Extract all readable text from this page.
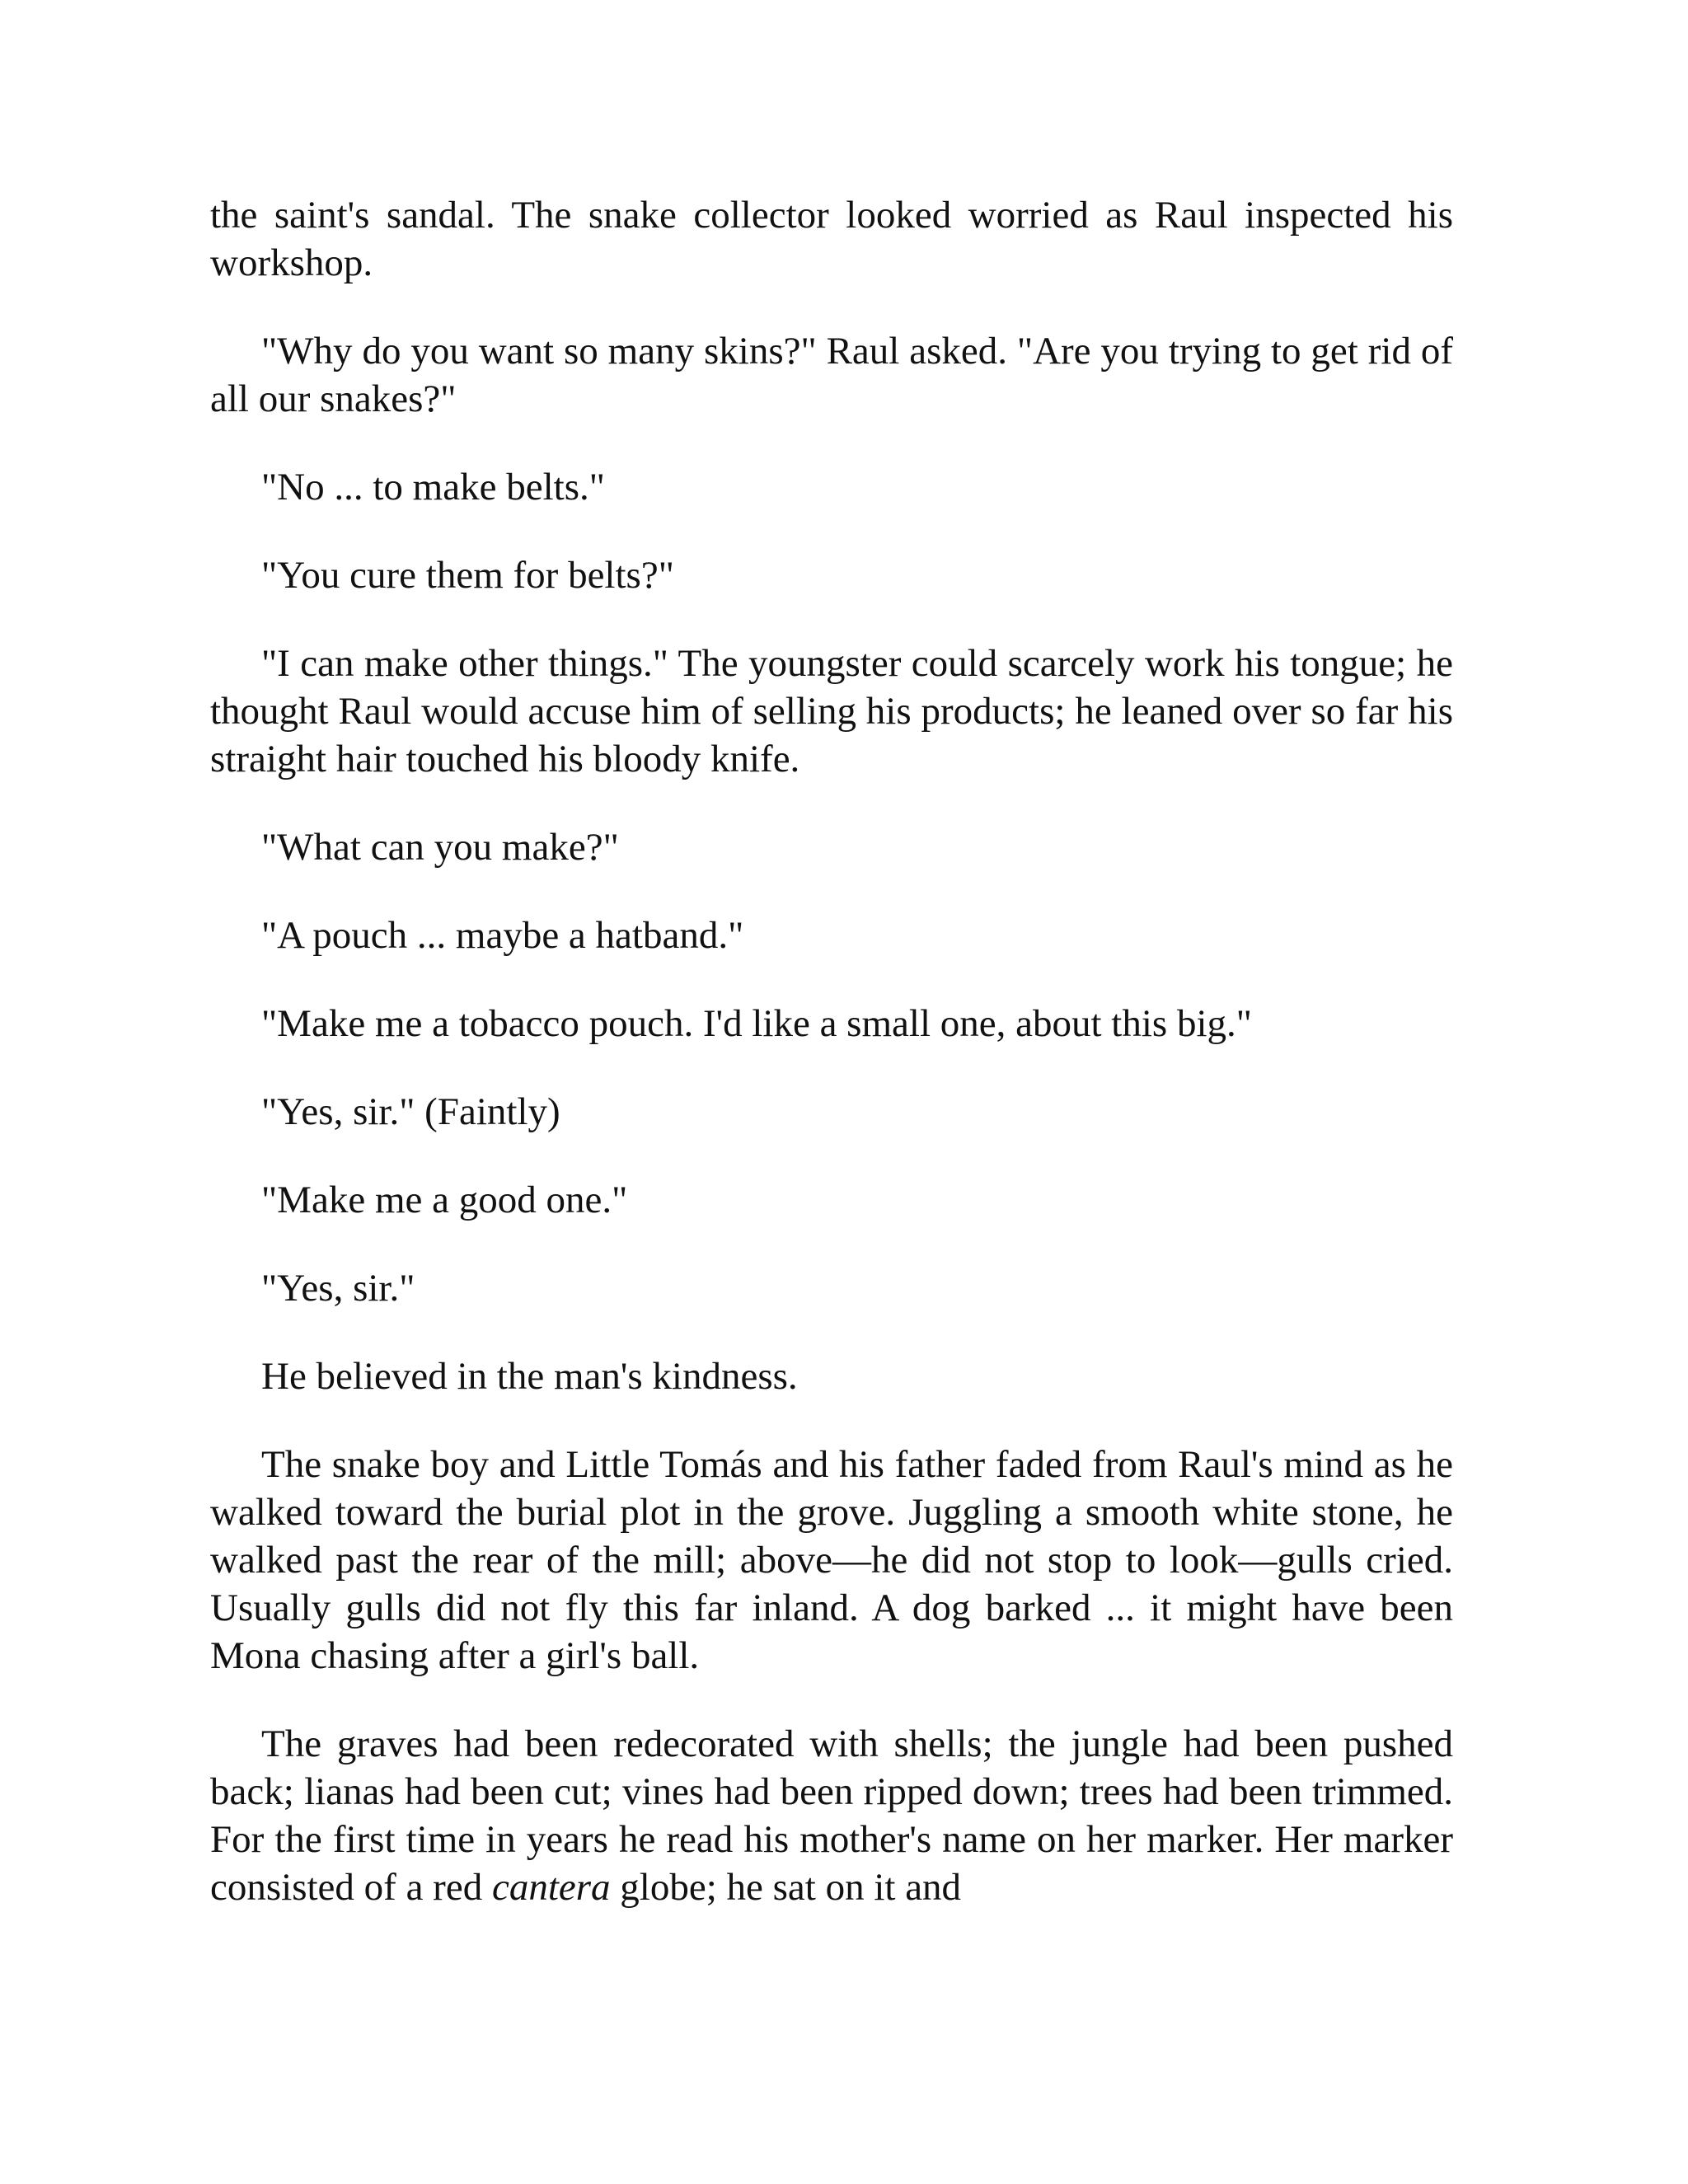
the saint's sandal. The snake collector looked worried as Raul inspected his workshop.

"Why do you want so many skins?" Raul asked. "Are you trying to get rid of all our snakes?"

"No ... to make belts."

"You cure them for belts?"

"I can make other things." The youngster could scarcely work his tongue; he thought Raul would accuse him of selling his products; he leaned over so far his straight hair touched his bloody knife.

"What can you make?"

"A pouch ... maybe a hatband."

"Make me a tobacco pouch. I'd like a small one, about this big."

"Yes, sir." (Faintly)

"Make me a good one."

"Yes, sir."

He believed in the man's kindness.

The snake boy and Little Tomás and his father faded from Raul's mind as he walked toward the burial plot in the grove. Juggling a smooth white stone, he walked past the rear of the mill; above—he did not stop to look—gulls cried. Usually gulls did not fly this far inland. A dog barked ... it might have been Mona chasing after a girl's ball.

The graves had been redecorated with shells; the jungle had been pushed back; lianas had been cut; vines had been ripped down; trees had been trimmed. For the first time in years he read his mother's name on her marker. Her marker consisted of a red cantera globe; he sat on it and
